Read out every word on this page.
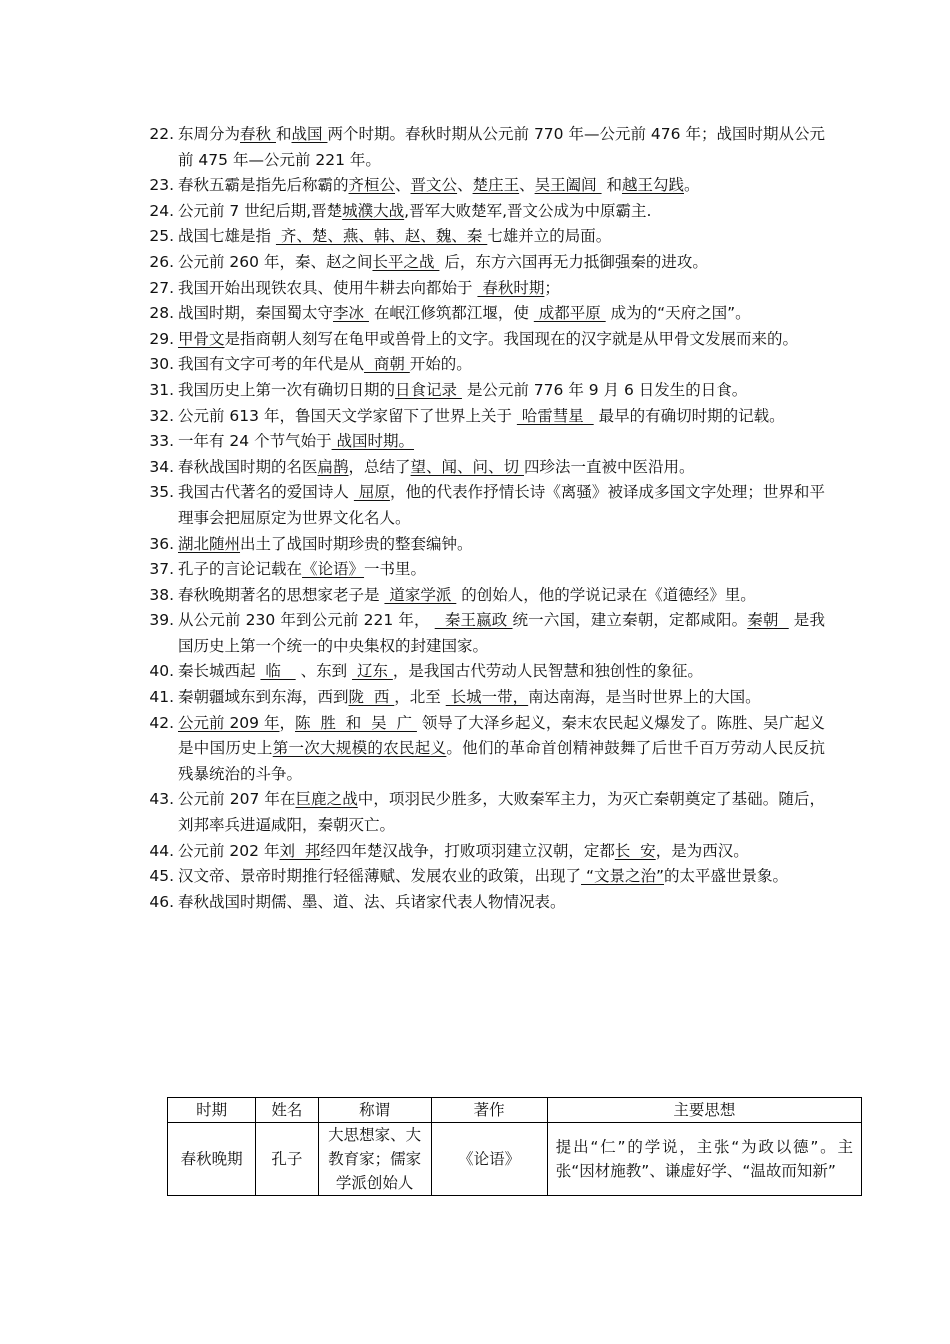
22. 东周分为春秋 和战国 两个时期。春秋时期从公元前 770 年—公元前 476 年；战国时期从公元前 475 年—公元前 221 年。
23. 春秋五霸是指先后称霸的齐桓公、晋文公、楚庄王、吴王阖闾  和越王勾践。
24. 公元前 7 世纪后期,晋楚城濮大战,晋军大败楚军,晋文公成为中原霸主.
25. 战国七雄是指  齐、楚、燕、韩、赵、魏、秦 七雄并立的局面。
26. 公元前 260 年，秦、赵之间长平之战  后，东方六国再无力抵御强秦的进攻。
27. 我国开始出现铁农具、使用牛耕去向都始于  春秋时期；
28. 战国时期，秦国蜀太守李冰  在岷江修筑都江堰，使  成都平原  成为的“天府之国”。
29. 甲骨文是指商朝人刻写在龟甲或兽骨上的文字。我国现在的汉字就是从甲骨文发展而来的。
30. 我国有文字可考的年代是从  商朝 开始的。
31. 我国历史上第一次有确切日期的日食记录  是公元前 776 年 9 月 6 日发生的日食。
32. 公元前 613 年，鲁国天文学家留下了世界上关于  哈雷彗星   最早的有确切时期的记载。
33. 一年有 24 个节气始于 战国时期。
34. 春秋战国时期的名医扁鹊，总结了望、闻、问、切 四珍法一直被中医沿用。
35. 我国古代著名的爱国诗人  屈原，他的代表作抒情长诗《离骚》被译成多国文字处理；世界和平理事会把屈原定为世界文化名人。
36. 湖北随州出土了战国时期珍贵的整套编钟。
37. 孔子的言论记载在《论语》一书里。
38. 春秋晚期著名的思想家老子是  道家学派  的创始人，他的学说记录在《道德经》里。
39. 从公元前 230 年到公元前 221 年，   秦王嬴政 统一六国，建立秦朝，定都咸阳。秦朝   是我国历史上第一个统一的中央集权的封建国家。
40. 秦长城西起  临    、东到  辽东 ，是我国古代劳动人民智慧和独创性的象征。
41. 秦朝疆域东到东海，西到陇  西 ，北至  长城一带，南达南海，是当时世界上的大国。
42. 公元前 209 年，陈  胜  和  吴  广  领导了大泽乡起义，秦末农民起义爆发了。陈胜、吴广起义是中国历史上第一次大规模的农民起义。他们的革命首创精神鼓舞了后世千百万劳动人民反抗残暴统治的斗争。
43. 公元前 207 年在巨鹿之战中，项羽民少胜多，大败秦军主力，为灭亡秦朝奠定了基础。随后，刘邦率兵进逼咸阳，秦朝灭亡。
44. 公元前 202 年刘  邦经四年楚汉战争，打败项羽建立汉朝，定都长  安，是为西汉。
45. 汉文帝、景帝时期推行轻徭薄赋、发展农业的政策，出现了 “文景之治”的太平盛世景象。
46. 春秋战国时期儒、墨、道、法、兵诸家代表人物情况表。
时期	姓名	称谓	著作	主要思想
春秋晚期	孔子	大思想家、大教育家；儒家学派创始人	《论语》	提出“仁”的学说，主张“为政以德”。主张“因材施教”、谦虚好学、“温故而知新”
